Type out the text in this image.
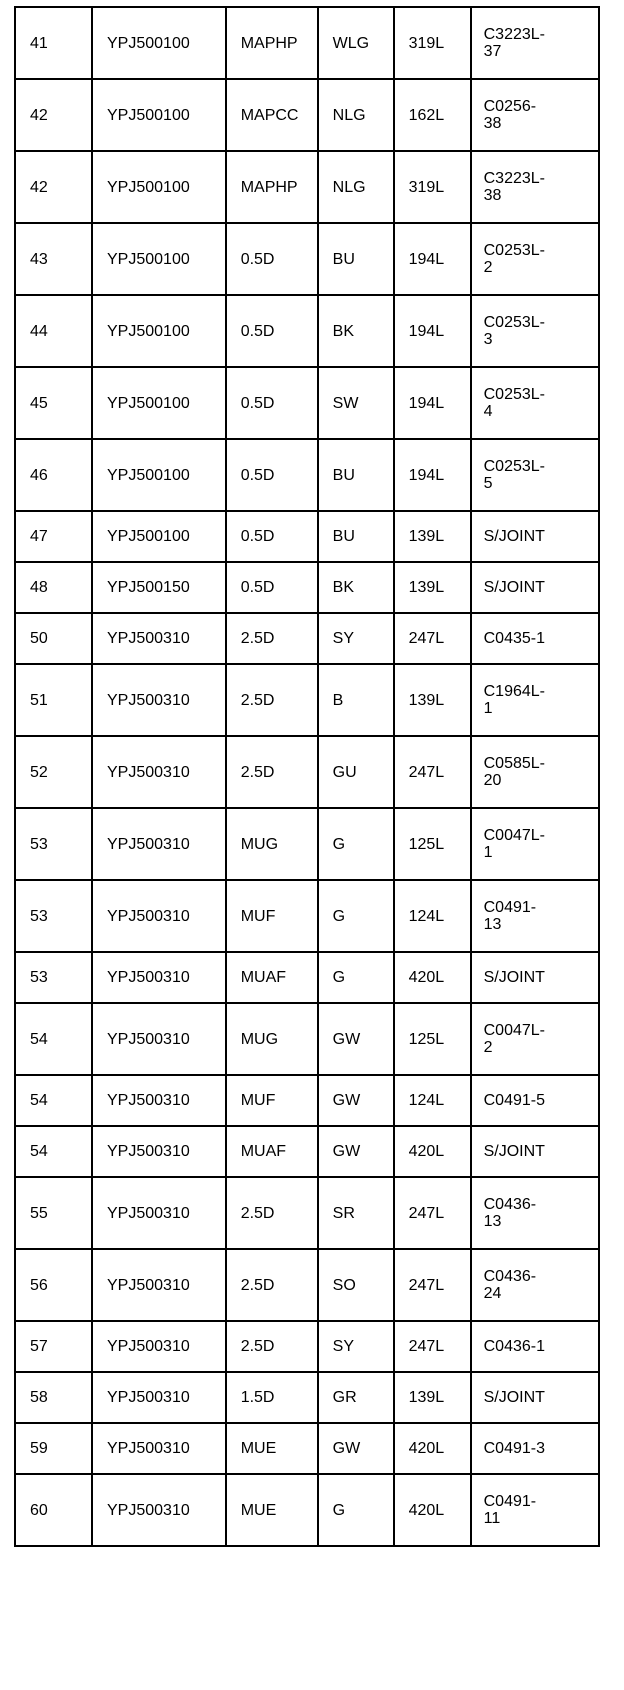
41	YPJ500100	MAPHP	WLG	319L	C3223L-
37

42	YPJ500100	MAPCC	NLG	162L	C0256-
38

42	YPJ500100	MAPHP	NLG	319L	C3223L-
38

43	YPJ500100	0.5D	BU	194L	C0253L-
2

44	YPJ500100	0.5D	BK	194L	C0253L-
3

45	YPJ500100	0.5D	SW	194L	C0253L-
4

46	YPJ500100	0.5D	BU	194L	C0253L-
5

47	YPJ500100	0.5D	BU	139L	S/JOINT

48	YPJ500150	0.5D	BK	139L	S/JOINT

50	YPJ500310	2.5D	SY	247L	C0435-1

51	YPJ500310	2.5D	B	139L	C1964L-
1

52	YPJ500310	2.5D	GU	247L	C0585L-
20

53	YPJ500310	MUG	G	125L	C0047L-
1

53	YPJ500310	MUF	G	124L	C0491-
13

53	YPJ500310	MUAF	G	420L	S/JOINT

54	YPJ500310	MUG	GW	125L	C0047L-
2

54	YPJ500310	MUF	GW	124L	C0491-5

54	YPJ500310	MUAF	GW	420L	S/JOINT

55	YPJ500310	2.5D	SR	247L	C0436-
13

56	YPJ500310	2.5D	SO	247L	C0436-
24

57	YPJ500310	2.5D	SY	247L	C0436-1

58	YPJ500310	1.5D	GR	139L	S/JOINT

59	YPJ500310	MUE	GW	420L	C0491-3

60	YPJ500310	MUE	G	420L	C0491-
11
